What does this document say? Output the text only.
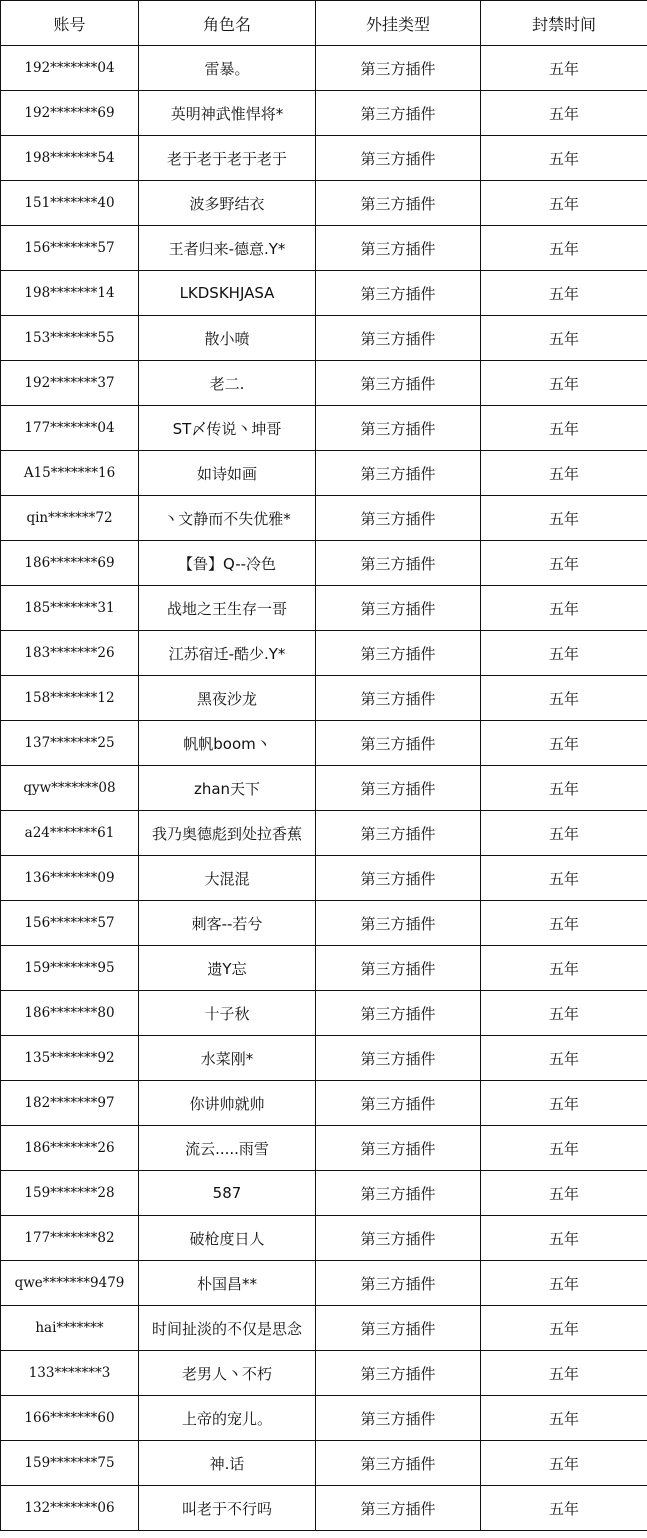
账号	角色名	外挂类型	封禁时间
192*******04	雷暴。	第三方插件	五年
192*******69	英明神武惟悍将*	第三方插件	五年
198*******54	老于老于老于老于	第三方插件	五年
151*******40	波多野结衣	第三方插件	五年
156*******57	王者归来-德意.Y*	第三方插件	五年
198*******14	LKDSKHJASA	第三方插件	五年
153*******55	散小喷	第三方插件	五年
192*******37	老二.	第三方插件	五年
177*******04	ST〆传说丶坤哥	第三方插件	五年
A15*******16	如诗如画	第三方插件	五年
qin*******72	丶文静而不失优雅*	第三方插件	五年
186*******69	【鲁】Q--冷色	第三方插件	五年
185*******31	战地之王生存一哥	第三方插件	五年
183*******26	江苏宿迁-酷少.Y*	第三方插件	五年
158*******12	黑夜沙龙	第三方插件	五年
137*******25	帆帆boom丶	第三方插件	五年
qyw*******08	zhan天下	第三方插件	五年
a24*******61	我乃奥德彪到处拉香蕉	第三方插件	五年
136*******09	大混混	第三方插件	五年
156*******57	刺客--若兮	第三方插件	五年
159*******95	遗Y忘	第三方插件	五年
186*******80	十子秋	第三方插件	五年
135*******92	水菜刚*	第三方插件	五年
182*******97	你讲帅就帅	第三方插件	五年
186*******26	流云.....雨雪	第三方插件	五年
159*******28	587	第三方插件	五年
177*******82	破枪度日人	第三方插件	五年
qwe*******9479	朴国昌**	第三方插件	五年
hai*******	时间扯淡的不仅是思念	第三方插件	五年
133*******3	老男人丶不朽	第三方插件	五年
166*******60	上帝的宠儿。	第三方插件	五年
159*******75	神.话	第三方插件	五年
132*******06	叫老于不行吗	第三方插件	五年
